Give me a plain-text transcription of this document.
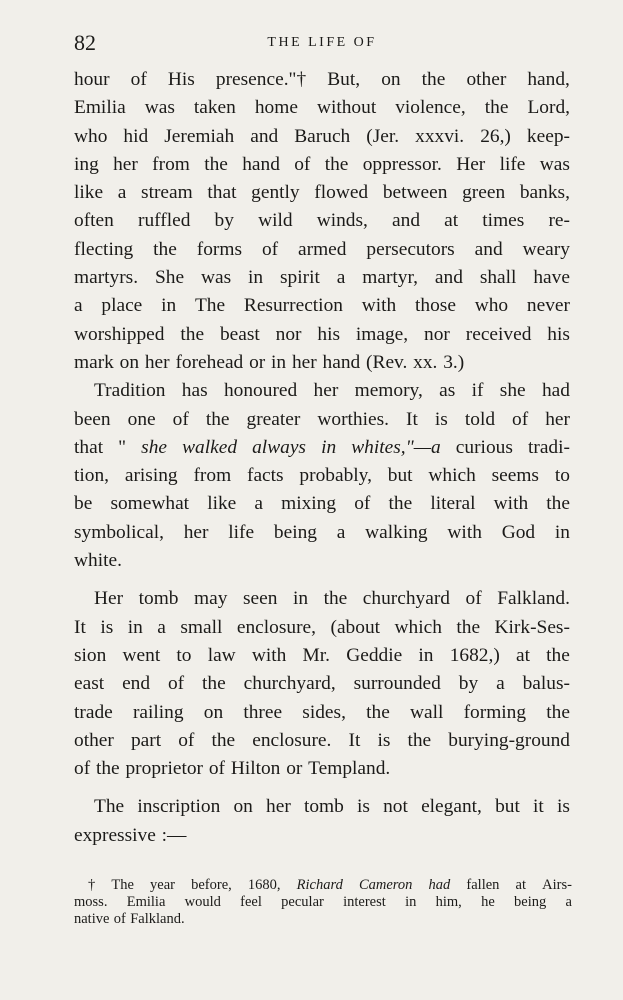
82	THE LIFE OF
hour of His presence."† But, on the other hand,
Emilia was taken home without violence, the Lord,
who hid Jeremiah and Baruch (Jer. xxxvi. 26,) keep-
ing her from the hand of the oppressor. Her life was
like a stream that gently flowed between green banks,
often ruffled by wild winds, and at times re-
flecting the forms of armed persecutors and weary
martyrs. She was in spirit a martyr, and shall have
a place in The Resurrection with those who never
worshipped the beast nor his image, nor received his
mark on her forehead or in her hand (Rev. xx. 3.)
Tradition has honoured her memory, as if she had
been one of the greater worthies. It is told of her
that " she walked always in whites,"—a curious tradi-
tion, arising from facts probably, but which seems to
be somewhat like a mixing of the literal with the
symbolical, her life being a walking with God in
white.
Her tomb may seen in the churchyard of Falkland.
It is in a small enclosure, (about which the Kirk-Ses-
sion went to law with Mr. Geddie in 1682,) at the
east end of the churchyard, surrounded by a balus-
trade railing on three sides, the wall forming the
other part of the enclosure. It is the burying-ground
of the proprietor of Hilton or Templand.
The inscription on her tomb is not elegant, but it is
expressive :—
† The year before, 1680, Richard Cameron had fallen at Airs-
moss. Emilia would feel pecular interest in him, he being a
native of Falkland.
